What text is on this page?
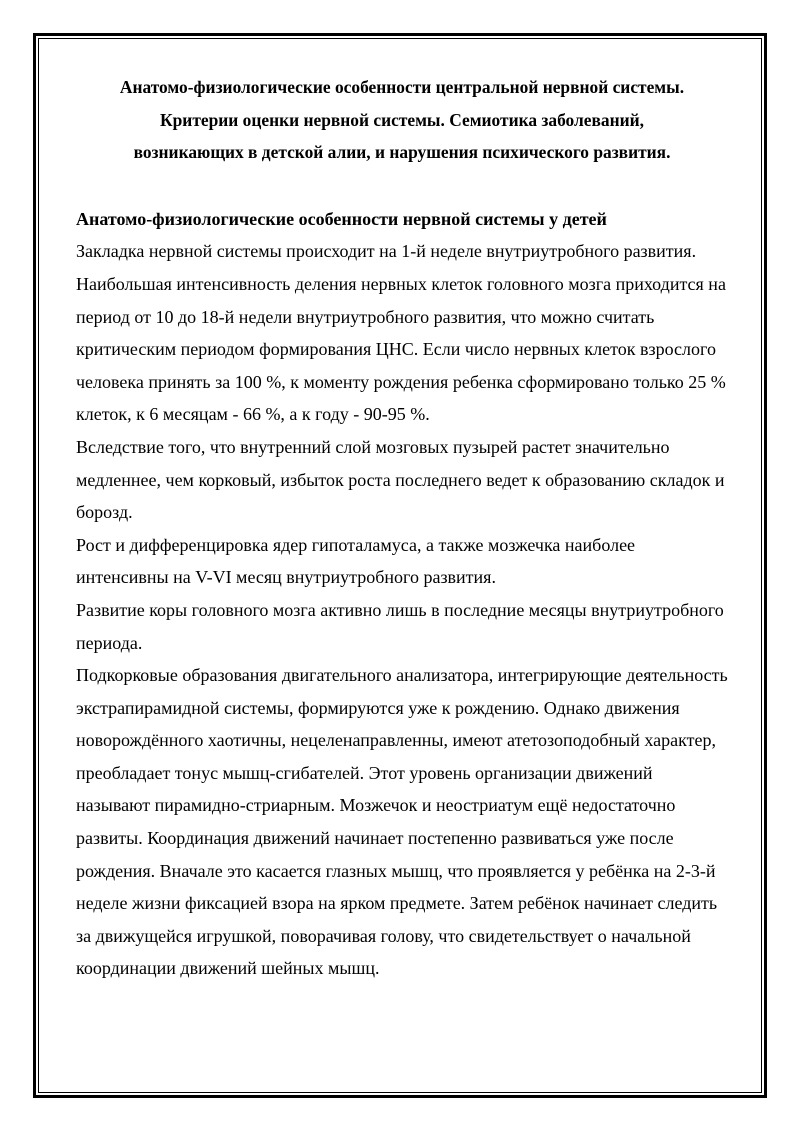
Анатомо-физиологические особенности центральной нервной системы.
Критерии оценки нервной системы. Семиотика заболеваний,
возникающих в детской алии, и нарушения психического развития.
Анатомо-физиологические особенности нервной системы у детей

Закладка нервной системы происходит на 1-й неделе внутриутробного развития. Наибольшая интенсивность деления нервных клеток головного мозга приходится на период от 10 до 18-й недели внутриутробного развития, что можно считать критическим периодом формирования ЦНС. Если число нервных клеток взрослого человека принять за 100 %, к моменту рождения ребенка сформировано только 25 % клеток, к 6 месяцам - 66 %, а к году - 90-95 %.

Вследствие того, что внутренний слой мозговых пузырей растет значительно медленнее, чем корковый, избыток роста последнего ведет к образованию складок и борозд.

Рост и дифференцировка ядер гипоталамуса, а также мозжечка наиболее интенсивны на V-VI месяц внутриутробного развития.

Развитие коры головного мозга активно лишь в последние месяцы внутриутробного периода.

Подкорковые образования двигательного анализатора, интегрирующие деятельность экстрапирамидной системы, формируются уже к рождению. Однако движения новорождённого хаотичны, нецеленаправленны, имеют атетозоподобный характер, преобладает тонус мышц-сгибателей. Этот уровень организации движений называют пирамидно-стриарным. Мозжечок и неостриатум ещё недостаточно развиты. Координация движений начинает постепенно развиваться уже после рождения. Вначале это касается глазных мышц, что проявляется у ребёнка на 2-3-й неделе жизни фиксацией взора на ярком предмете. Затем ребёнок начинает следить за движущейся игрушкой, поворачивая голову, что свидетельствует о начальной координации движений шейных мышц.
